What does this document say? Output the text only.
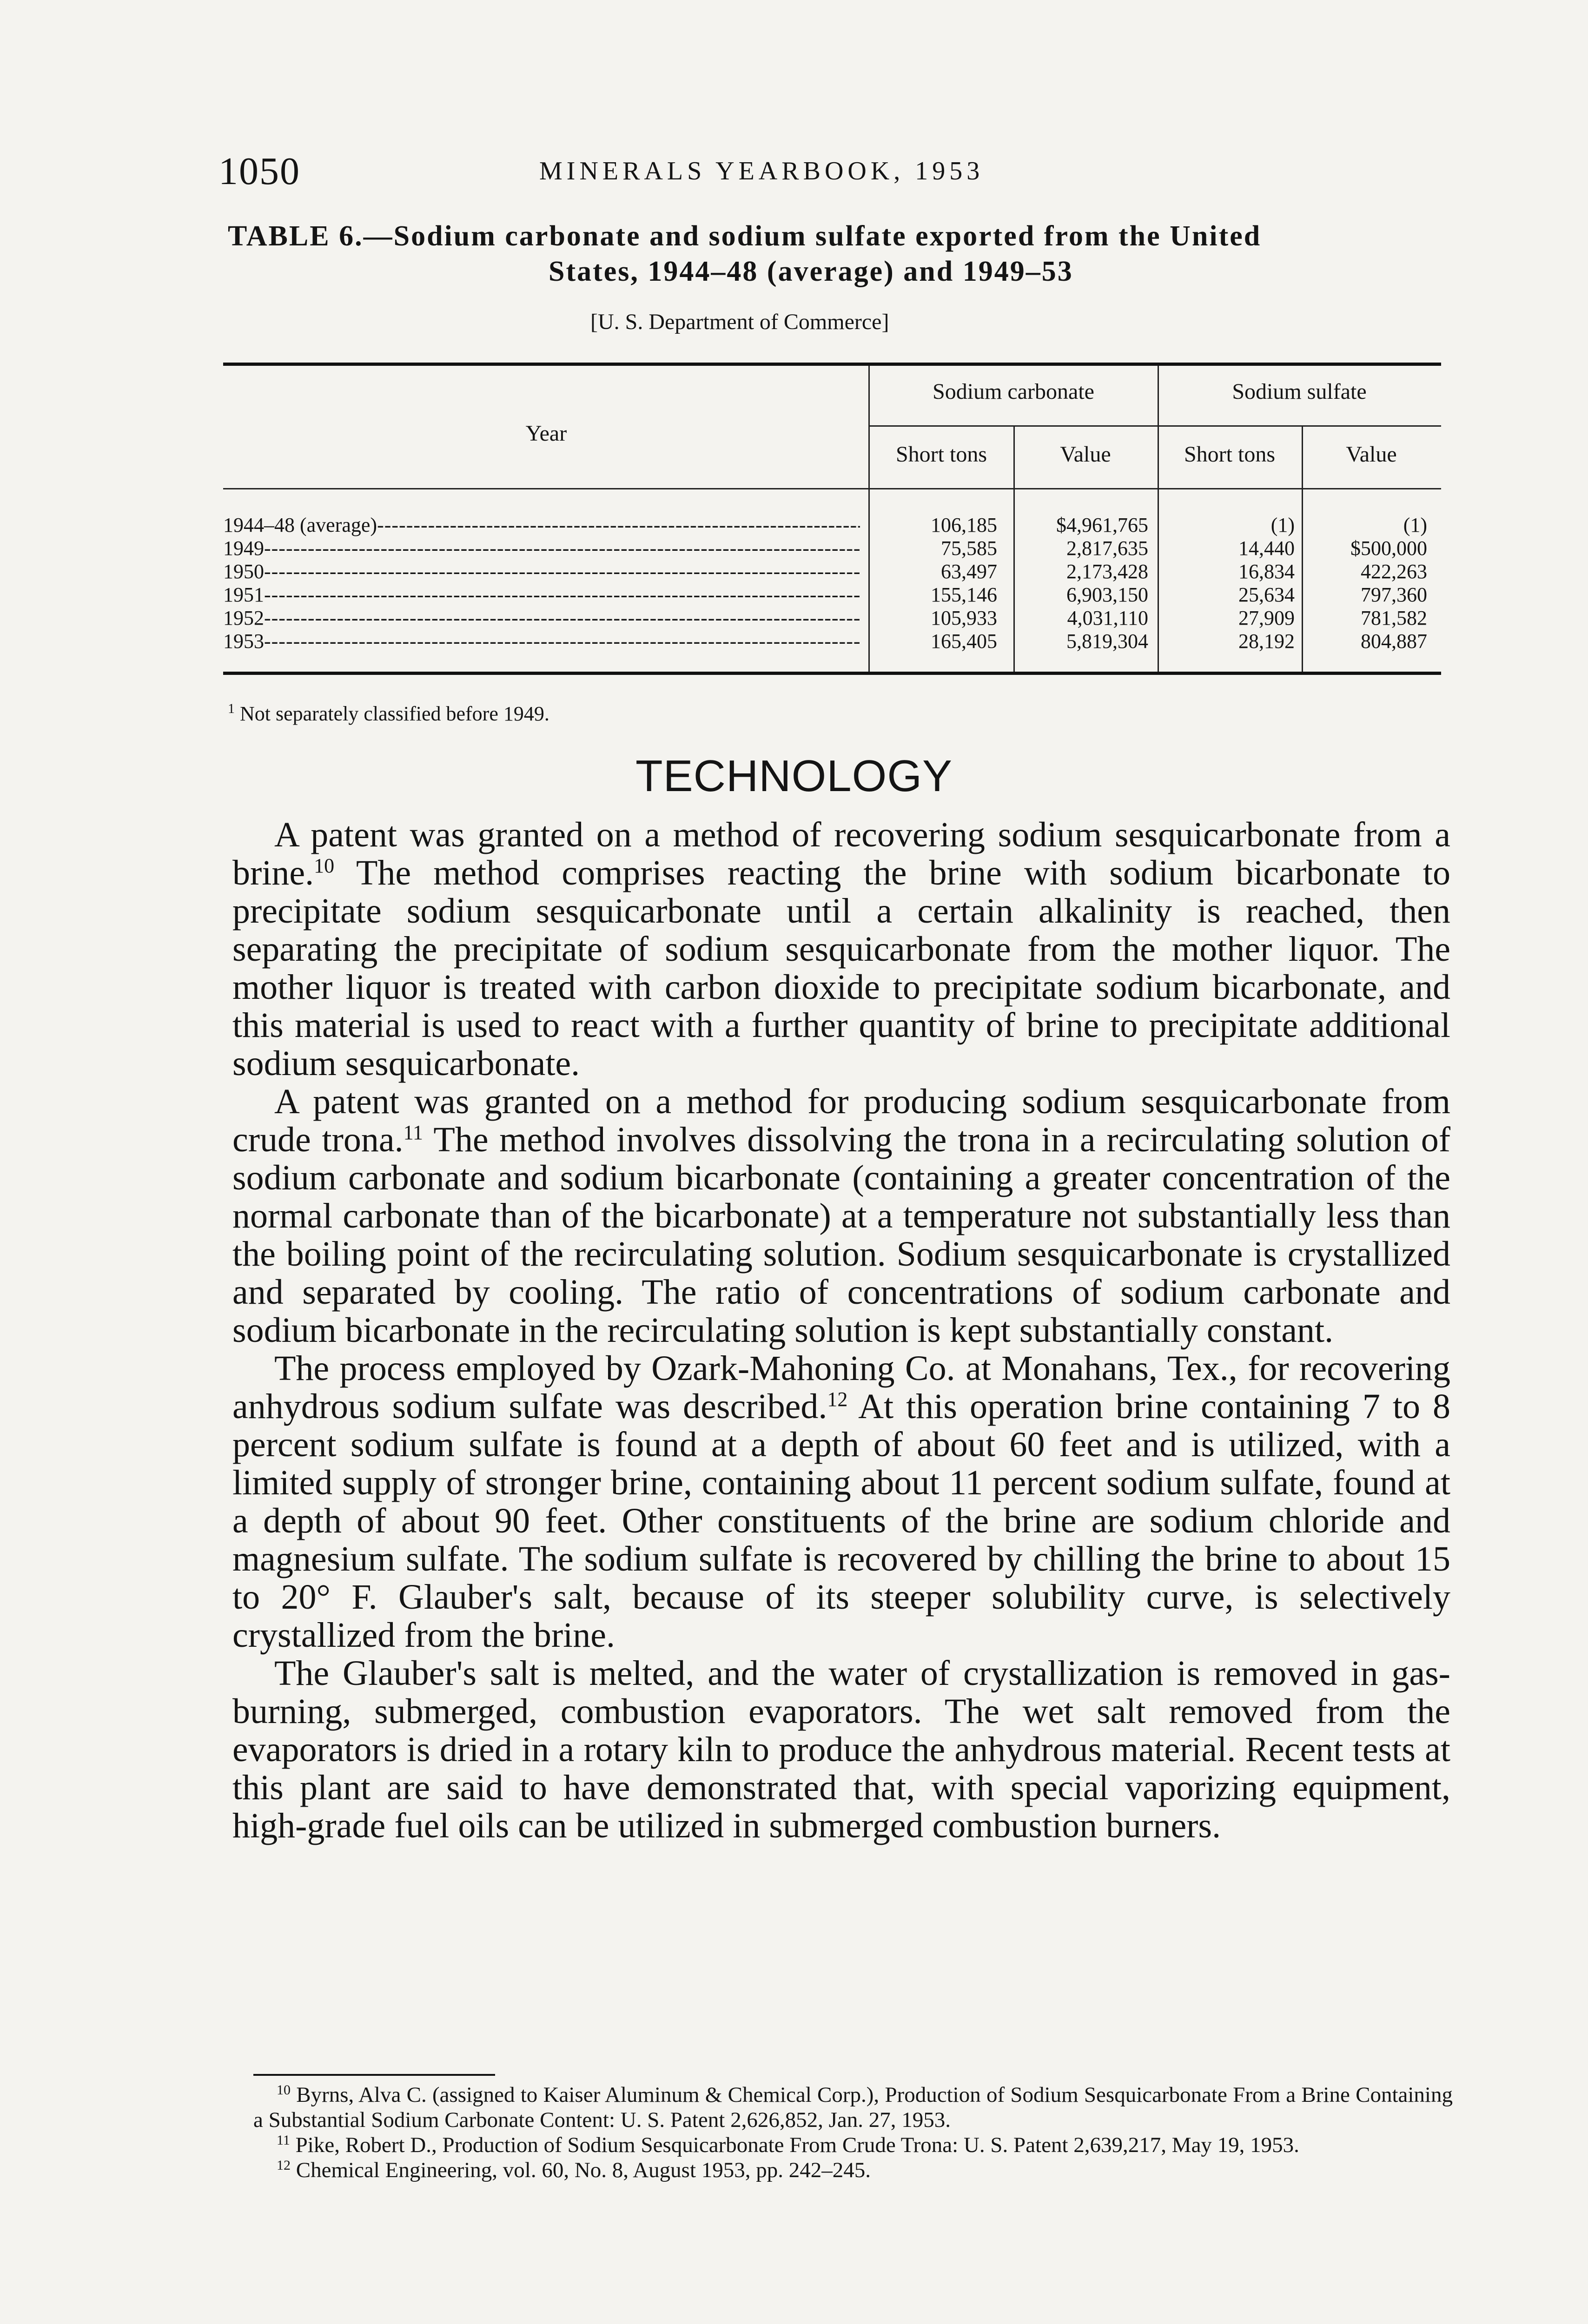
1050	MINERALS YEARBOOK, 1953
TABLE 6.—Sodium carbonate and sodium sulfate exported from the United
States, 1944–48 (average) and 1949–53
[U. S. Department of Commerce]
Year
Sodium carbonate	Sodium sulfate
Short tons	Value	Short tons	Value
1944–48 (average) -----	106,185	$4,961,765	(1)	(1)
1949 -----	75,585	2,817,635	14,440	$500,000
1950 -----	63,497	2,173,428	16,834	422,263
1951 -----	155,146	6,903,150	25,634	797,360
1952 -----	105,933	4,031,110	27,909	781,582
1953 -----	165,405	5,819,304	28,192	804,887
$^1$ Not separately classified before 1949.
TECHNOLOGY

A patent was granted on a method of recovering sodium sesquicarbonate from a brine.$^{10}$ The method comprises reacting the brine with sodium bicarbonate to precipitate sodium sesquicarbonate until a certain alkalinity is reached, then separating the precipitate of sodium sesquicarbonate from the mother liquor. The mother liquor is treated with carbon dioxide to precipitate sodium bicarbonate, and this material is used to react with a further quantity of brine to precipitate additional sodium sesquicarbonate.

A patent was granted on a method for producing sodium sesquicarbonate from crude trona.$^{11}$ The method involves dissolving the trona in a recirculating solution of sodium carbonate and sodium bicarbonate (containing a greater concentration of the normal carbonate than of the bicarbonate) at a temperature not substantially less than the boiling point of the recirculating solution. Sodium sesquicarbonate is crystallized and separated by cooling. The ratio of concentrations of sodium carbonate and sodium bicarbonate in the recirculating solution is kept substantially constant.

The process employed by Ozark-Mahoning Co. at Monahans, Tex., for recovering anhydrous sodium sulfate was described.$^{12}$ At this operation brine containing 7 to 8 percent sodium sulfate is found at a depth of about 60 feet and is utilized, with a limited supply of stronger brine, containing about 11 percent sodium sulfate, found at a depth of about 90 feet. Other constituents of the brine are sodium chloride and magnesium sulfate. The sodium sulfate is recovered by chilling the brine to about 15 to 20° F. Glauber's salt, because of its steeper solubility curve, is selectively crystallized from the brine.

The Glauber's salt is melted, and the water of crystallization is removed in gas-burning, submerged, combustion evaporators. The wet salt removed from the evaporators is dried in a rotary kiln to produce the anhydrous material. Recent tests at this plant are said to have demonstrated that, with special vaporizing equipment, high-grade fuel oils can be utilized in submerged combustion burners.

$^{10}$ Byrns, Alva C. (assigned to Kaiser Aluminum & Chemical Corp.), Production of Sodium Sesquicarbonate From a Brine Containing a Substantial Sodium Carbonate Content: U. S. Patent 2,626,852, Jan. 27, 1953.

$^{11}$ Pike, Robert D., Production of Sodium Sesquicarbonate From Crude Trona: U. S. Patent 2,639,217, May 19, 1953.

$^{12}$ Chemical Engineering, vol. 60, No. 8, August 1953, pp. 242–245.
